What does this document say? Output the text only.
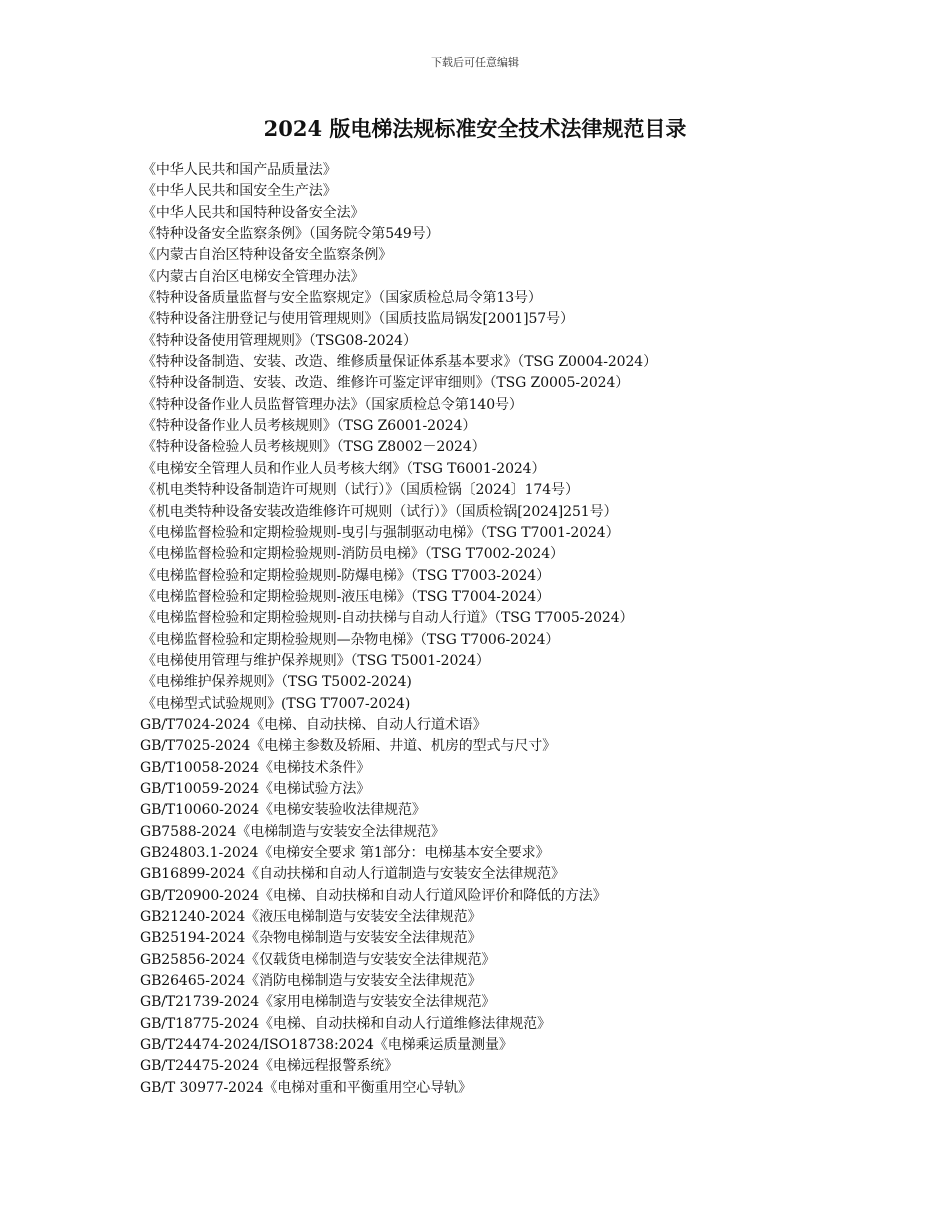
下载后可任意编辑
2024 版电梯法规标准安全技术法律规范目录
《中华人民共和国产品质量法》
《中华人民共和国安全生产法》
《中华人民共和国特种设备安全法》
《特种设备安全监察条例》（国务院令第549号）
《内蒙古自治区特种设备安全监察条例》
《内蒙古自治区电梯安全管理办法》
《特种设备质量监督与安全监察规定》（国家质检总局令第13号）
《特种设备注册登记与使用管理规则》（国质技监局锅发[2001]57号）
《特种设备使用管理规则》（TSG08-2024）
《特种设备制造、安装、改造、维修质量保证体系基本要求》（TSG Z0004-2024）
《特种设备制造、安装、改造、维修许可鉴定评审细则》（TSG Z0005-2024）
《特种设备作业人员监督管理办法》（国家质检总令第140号）
《特种设备作业人员考核规则》（TSG Z6001-2024）
《特种设备检验人员考核规则》（TSG Z8002－2024）
《电梯安全管理人员和作业人员考核大纲》（TSG T6001-2024）
《机电类特种设备制造许可规则（试行）》（国质检锅〔2024〕174号）
《机电类特种设备安装改造维修许可规则（试行）》（国质检锅[2024]251号）
《电梯监督检验和定期检验规则-曳引与强制驱动电梯》（TSG T7001-2024）
《电梯监督检验和定期检验规则-消防员电梯》（TSG T7002-2024）
《电梯监督检验和定期检验规则-防爆电梯》（TSG T7003-2024）
《电梯监督检验和定期检验规则-液压电梯》（TSG T7004-2024）
《电梯监督检验和定期检验规则-自动扶梯与自动人行道》（TSG T7005-2024）
《电梯监督检验和定期检验规则—杂物电梯》（TSG T7006-2024）
《电梯使用管理与维护保养规则》（TSG T5001-2024）
《电梯维护保养规则》（TSG T5002-2024)
《电梯型式试验规则》(TSG T7007-2024)
GB/T7024-2024《电梯、自动扶梯、自动人行道术语》
GB/T7025-2024《电梯主参数及轿厢、井道、机房的型式与尺寸》
GB/T10058-2024《电梯技术条件》
GB/T10059-2024《电梯试验方法》
GB/T10060-2024《电梯安装验收法律规范》
GB7588-2024《电梯制造与安装安全法律规范》
GB24803.1-2024《电梯安全要求 第1部分：电梯基本安全要求》
GB16899-2024《自动扶梯和自动人行道制造与安装安全法律规范》
GB/T20900-2024《电梯、自动扶梯和自动人行道风险评价和降低的方法》
GB21240-2024《液压电梯制造与安装安全法律规范》
GB25194-2024《杂物电梯制造与安装安全法律规范》
GB25856-2024《仅载货电梯制造与安装安全法律规范》
GB26465-2024《消防电梯制造与安装安全法律规范》
GB/T21739-2024《家用电梯制造与安装安全法律规范》
GB/T18775-2024《电梯、自动扶梯和自动人行道维修法律规范》
GB/T24474-2024/ISO18738:2024《电梯乘运质量测量》
GB/T24475-2024《电梯远程报警系统》
GB/T 30977-2024《电梯对重和平衡重用空心导轨》
